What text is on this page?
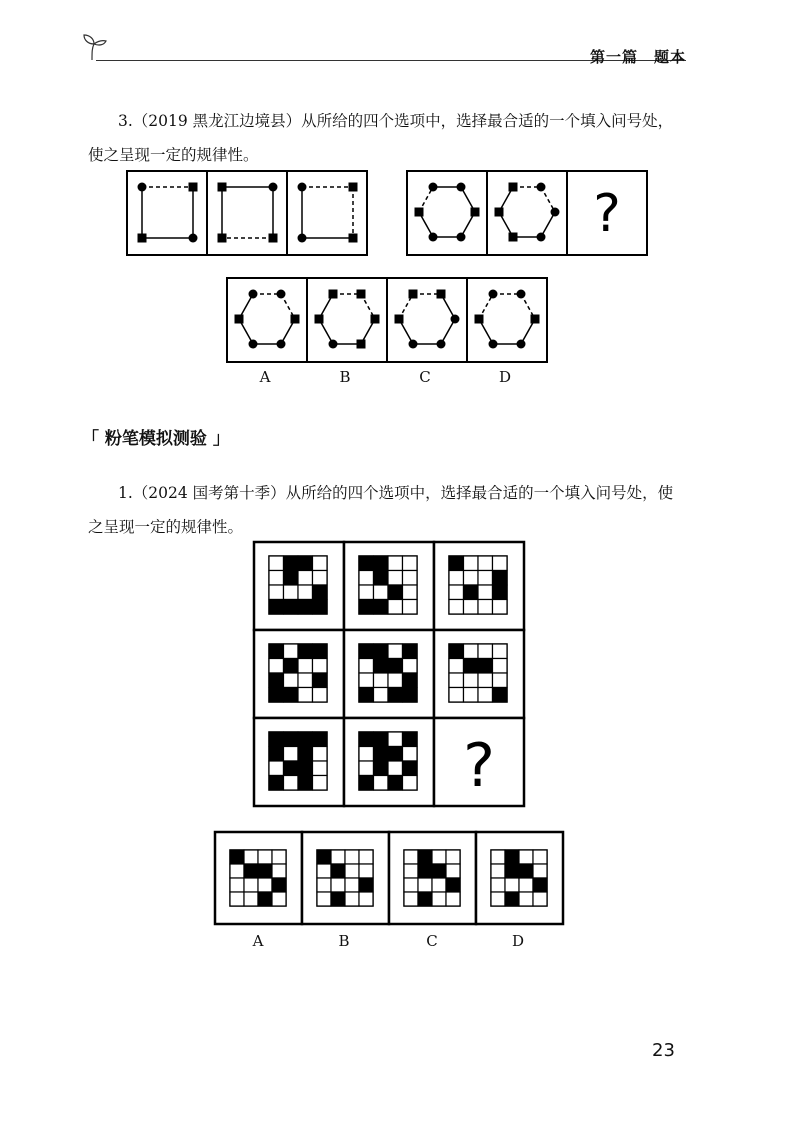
第一篇　题本
3.（2019 黑龙江边境县）从所给的四个选项中，选择最合适的一个填入问号处，使之呈现一定的规律性。
?
A	B	C	D
「 粉笔模拟测验 」
1.（2024 国考第十季）从所给的四个选项中，选择最合适的一个填入问号处，使之呈现一定的规律性。
?
A	B	C	D
23
